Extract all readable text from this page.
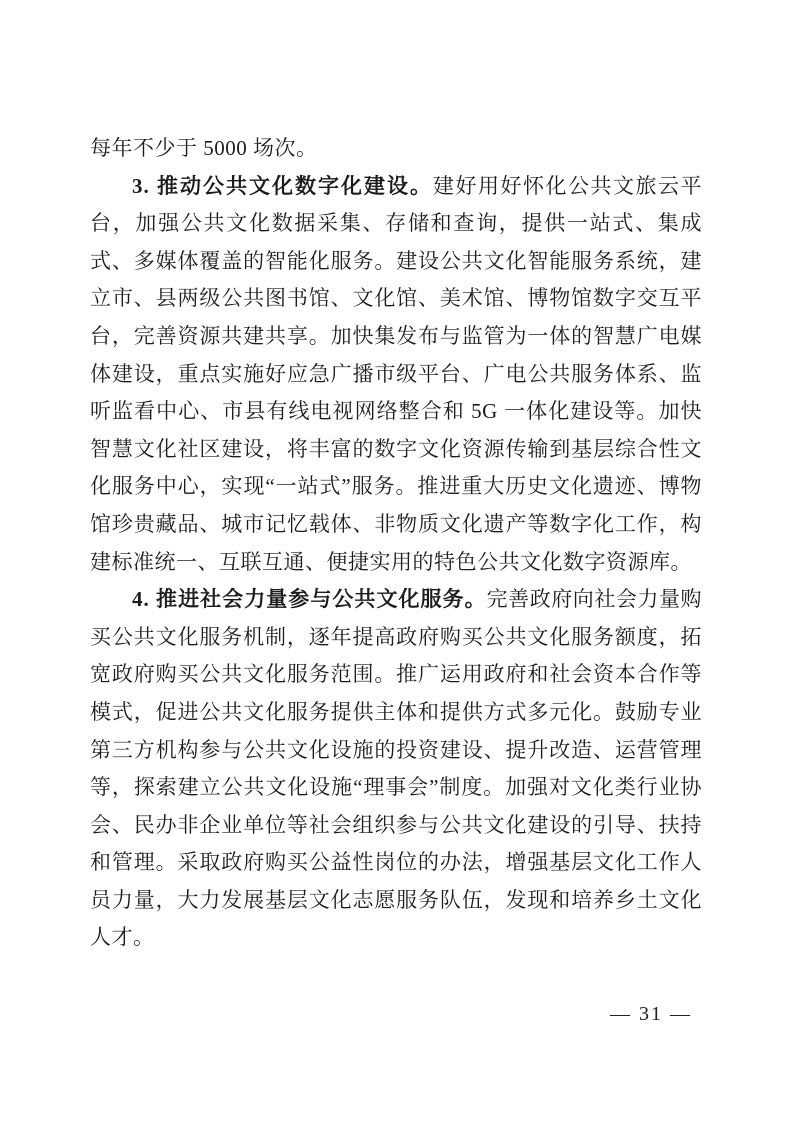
每年不少于 5000 场次。

3. 推动公共文化数字化建设。建好用好怀化公共文旅云平台，加强公共文化数据采集、存储和查询，提供一站式、集成式、多媒体覆盖的智能化服务。建设公共文化智能服务系统，建立市、县两级公共图书馆、文化馆、美术馆、博物馆数字交互平台，完善资源共建共享。加快集发布与监管为一体的智慧广电媒体建设，重点实施好应急广播市级平台、广电公共服务体系、监听监看中心、市县有线电视网络整合和 5G 一体化建设等。加快智慧文化社区建设，将丰富的数字文化资源传输到基层综合性文化服务中心，实现“一站式”服务。推进重大历史文化遗迹、博物馆珍贵藏品、城市记忆载体、非物质文化遗产等数字化工作，构建标准统一、互联互通、便捷实用的特色公共文化数字资源库。

4. 推进社会力量参与公共文化服务。完善政府向社会力量购买公共文化服务机制，逐年提高政府购买公共文化服务额度，拓宽政府购买公共文化服务范围。推广运用政府和社会资本合作等模式，促进公共文化服务提供主体和提供方式多元化。鼓励专业第三方机构参与公共文化设施的投资建设、提升改造、运营管理等，探索建立公共文化设施“理事会”制度。加强对文化类行业协会、民办非企业单位等社会组织参与公共文化建设的引导、扶持和管理。采取政府购买公益性岗位的办法，增强基层文化工作人员力量，大力发展基层文化志愿服务队伍，发现和培养乡土文化人才。

— 31 —
